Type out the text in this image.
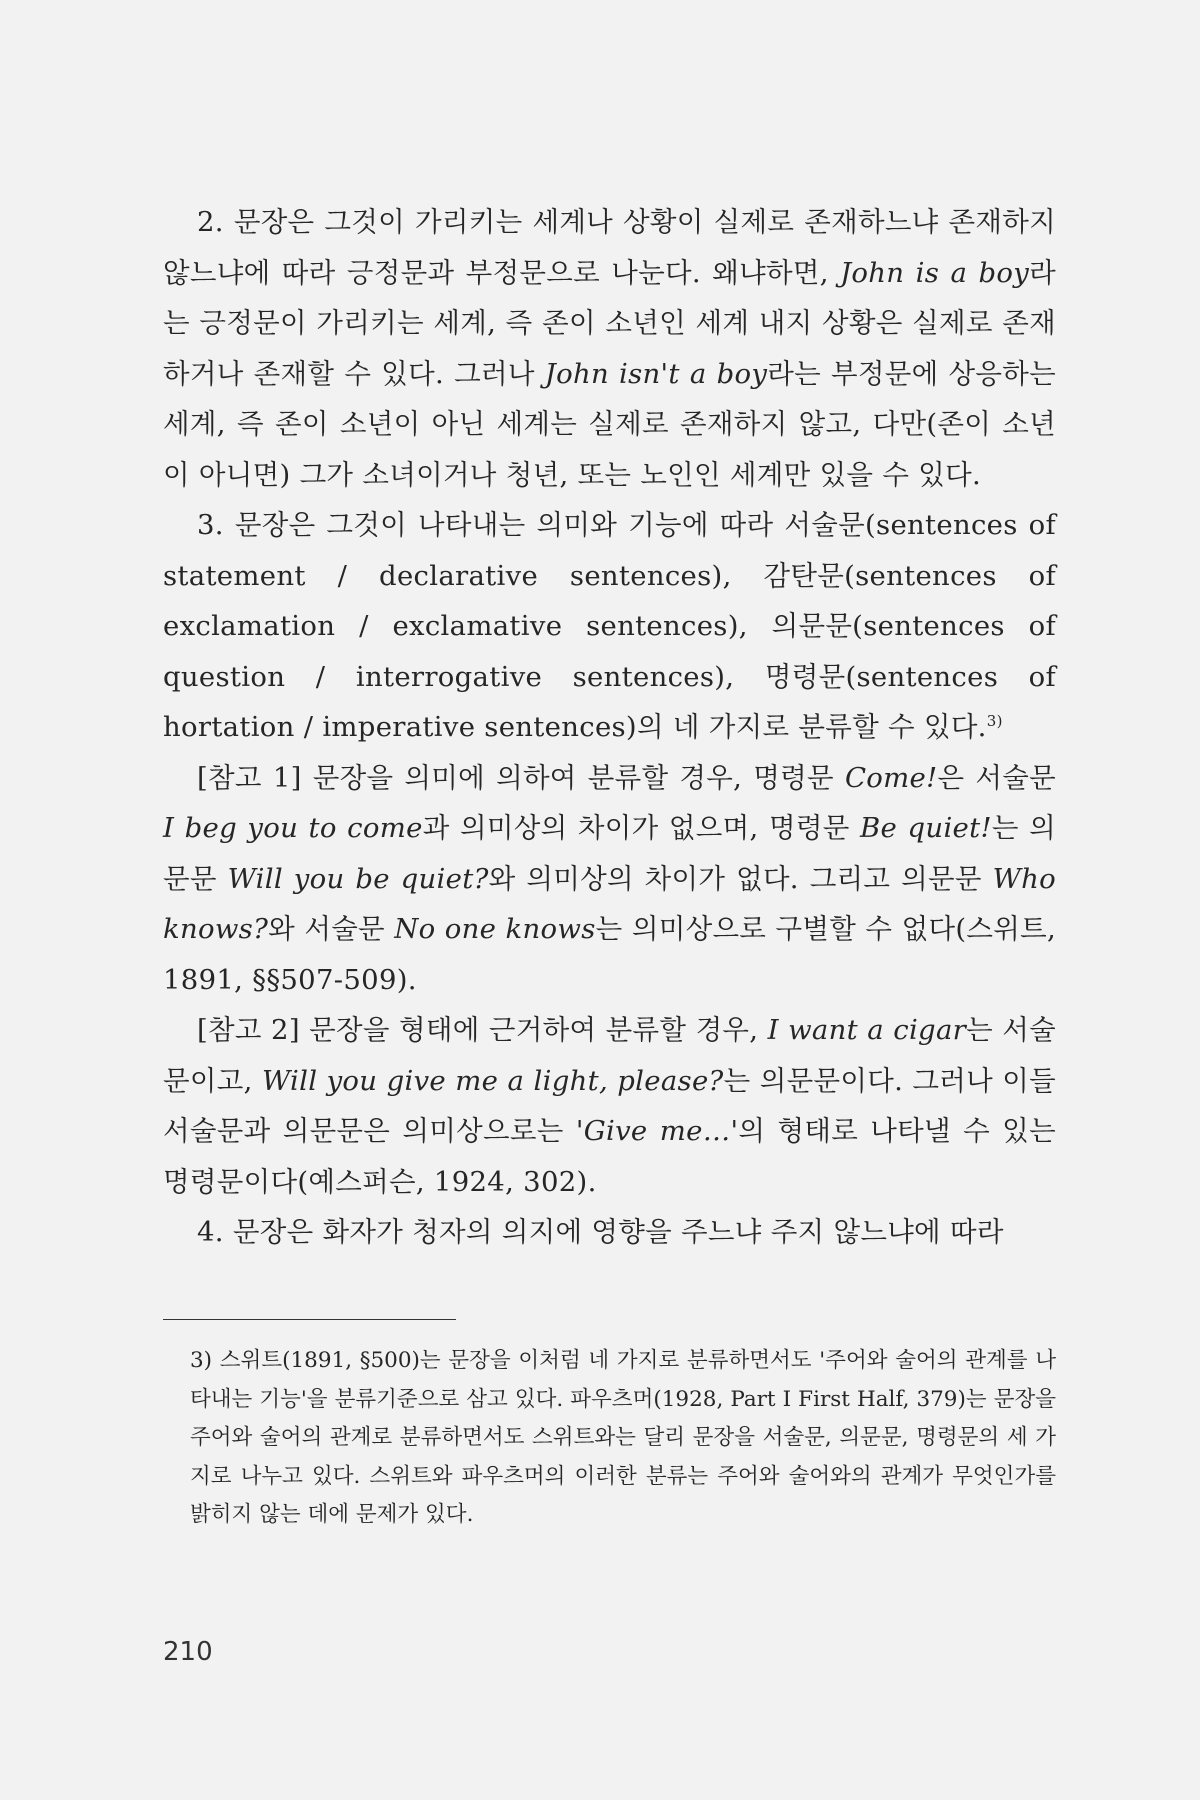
2. 문장은 그것이 가리키는 세계나 상황이 실제로 존재하느냐 존재하지 않느냐에 따라 긍정문과 부정문으로 나눈다. 왜냐하면, John is a boy라는 긍정문이 가리키는 세계, 즉 존이 소년인 세계 내지 상황은 실제로 존재하거나 존재할 수 있다. 그러나 John isn't a boy라는 부정문에 상응하는 세계, 즉 존이 소년이 아닌 세계는 실제로 존재하지 않고, 다만(존이 소년이 아니면) 그가 소녀이거나 청년, 또는 노인인 세계만 있을 수 있다.

3. 문장은 그것이 나타내는 의미와 기능에 따라 서술문(sentences of statement / declarative sentences), 감탄문(sentences of exclamation / exclamative sentences), 의문문(sentences of question / interrogative sentences), 명령문(sentences of hortation / imperative sentences)의 네 가지로 분류할 수 있다.$^{3)}$

[참고 1] 문장을 의미에 의하여 분류할 경우, 명령문 Come!은 서술문 I beg you to come과 의미상의 차이가 없으며, 명령문 Be quiet!는 의문문 Will you be quiet?와 의미상의 차이가 없다. 그리고 의문문 Who knows?와 서술문 No one knows는 의미상으로 구별할 수 없다(스위트, 1891, §§507-509).

[참고 2] 문장을 형태에 근거하여 분류할 경우, I want a cigar는 서술문이고, Will you give me a light, please?는 의문문이다. 그러나 이들 서술문과 의문문은 의미상으로는 'Give me…'의 형태로 나타낼 수 있는 명령문이다(예스퍼슨, 1924, 302).

4. 문장은 화자가 청자의 의지에 영향을 주느냐 주지 않느냐에 따라

3) 스위트(1891, §500)는 문장을 이처럼 네 가지로 분류하면서도 '주어와 술어의 관계를 나타내는 기능'을 분류기준으로 삼고 있다. 파우츠머(1928, Part I First Half, 379)는 문장을 주어와 술어의 관계로 분류하면서도 스위트와는 달리 문장을 서술문, 의문문, 명령문의 세 가지로 나누고 있다. 스위트와 파우츠머의 이러한 분류는 주어와 술어와의 관계가 무엇인가를 밝히지 않는 데에 문제가 있다.

210
